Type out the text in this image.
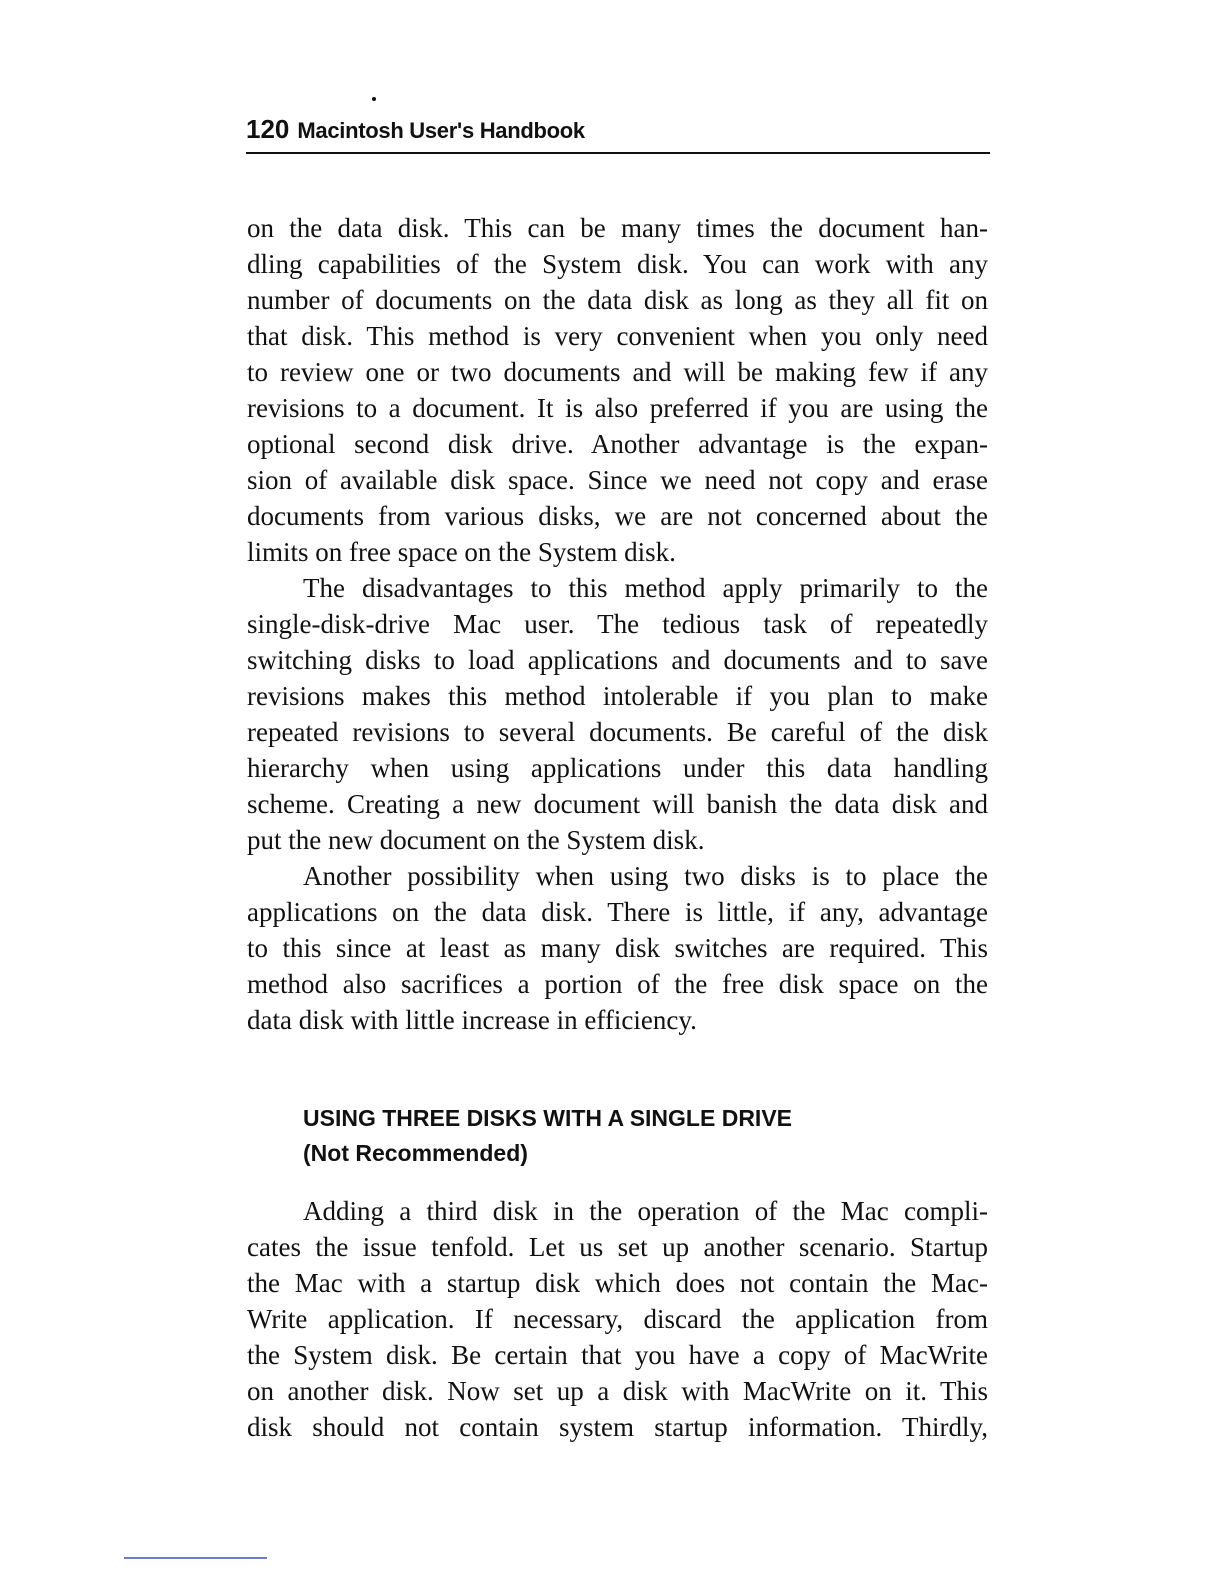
120 Macintosh User's Handbook
on the data disk. This can be many times the document han-
dling capabilities of the System disk. You can work with any
number of documents on the data disk as long as they all fit on
that disk. This method is very convenient when you only need
to review one or two documents and will be making few if any
revisions to a document. It is also preferred if you are using the
optional second disk drive. Another advantage is the expan-
sion of available disk space. Since we need not copy and erase
documents from various disks, we are not concerned about the
limits on free space on the System disk.
The disadvantages to this method apply primarily to the
single-disk-drive Mac user. The tedious task of repeatedly
switching disks to load applications and documents and to save
revisions makes this method intolerable if you plan to make
repeated revisions to several documents. Be careful of the disk
hierarchy when using applications under this data handling
scheme. Creating a new document will banish the data disk and
put the new document on the System disk.
Another possibility when using two disks is to place the
applications on the data disk. There is little, if any, advantage
to this since at least as many disk switches are required. This
method also sacrifices a portion of the free disk space on the
data disk with little increase in efficiency.
USING THREE DISKS WITH A SINGLE DRIVE
(Not Recommended)
Adding a third disk in the operation of the Mac compli-
cates the issue tenfold. Let us set up another scenario. Startup
the Mac with a startup disk which does not contain the Mac-
Write application. If necessary, discard the application from
the System disk. Be certain that you have a copy of MacWrite
on another disk. Now set up a disk with MacWrite on it. This
disk should not contain system startup information. Thirdly,
